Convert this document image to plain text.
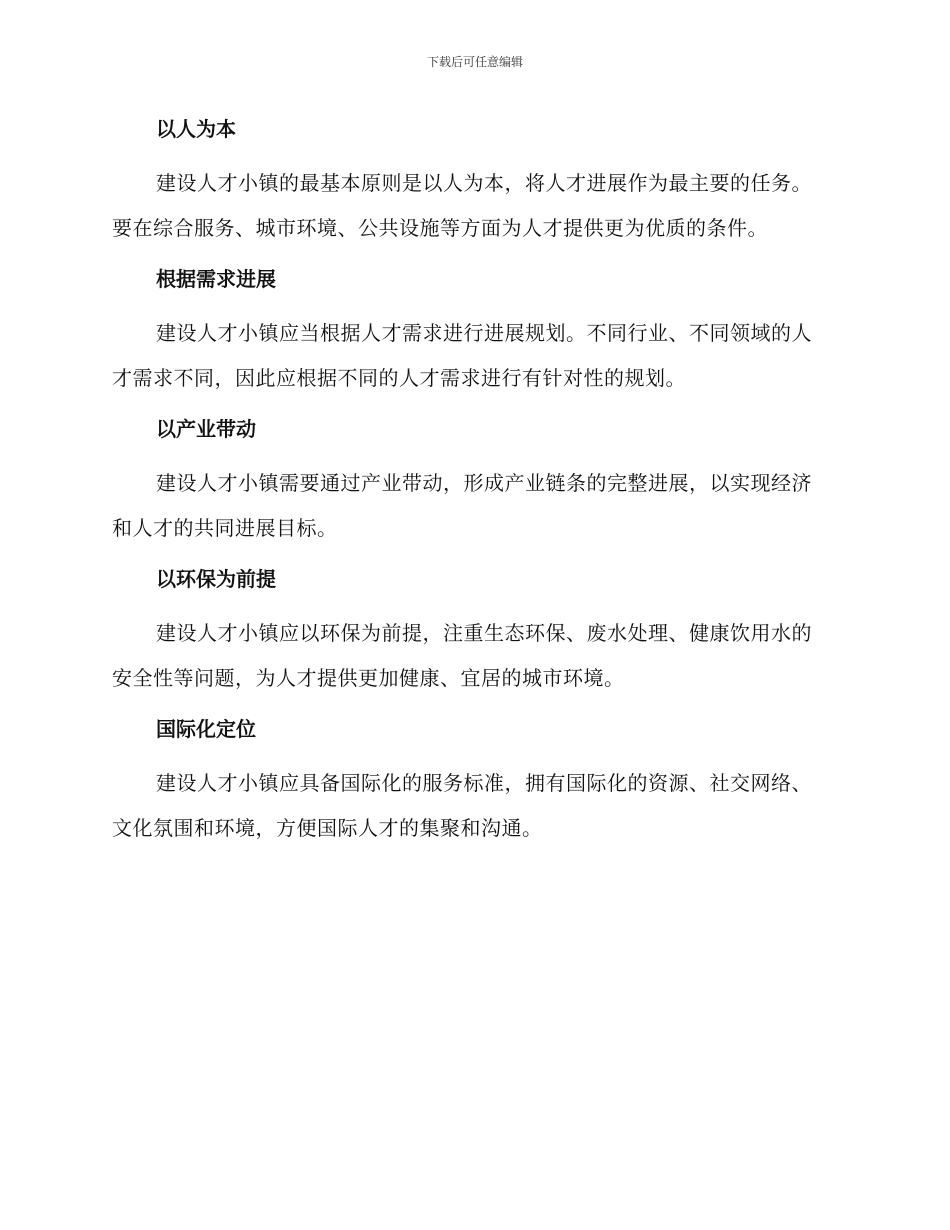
下载后可任意编辑
以人为本

建设人才小镇的最基本原则是以人为本，将人才进展作为最主要的任务。要在综合服务、城市环境、公共设施等方面为人才提供更为优质的条件。

根据需求进展

建设人才小镇应当根据人才需求进行进展规划。不同行业、不同领域的人才需求不同，因此应根据不同的人才需求进行有针对性的规划。

以产业带动

建设人才小镇需要通过产业带动，形成产业链条的完整进展，以实现经济和人才的共同进展目标。

以环保为前提

建设人才小镇应以环保为前提，注重生态环保、废水处理、健康饮用水的安全性等问题，为人才提供更加健康、宜居的城市环境。

国际化定位

建设人才小镇应具备国际化的服务标准，拥有国际化的资源、社交网络、文化氛围和环境，方便国际人才的集聚和沟通。
